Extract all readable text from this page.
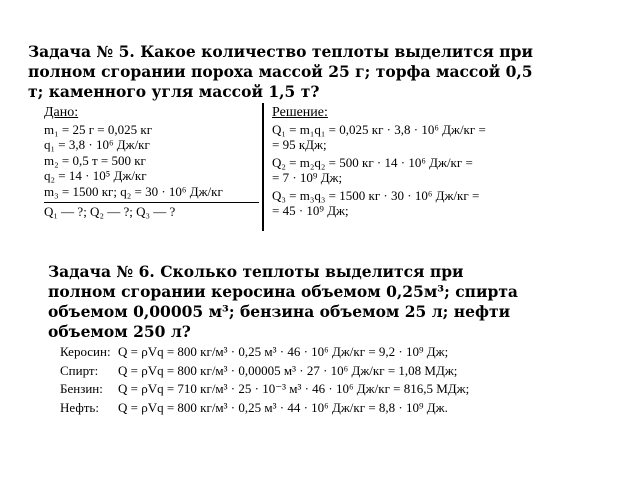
Задача № 5. Какое количество теплоты выделится при
полном сгорании пороха массой 25 г; торфа массой 0,5
т; каменного угля массой 1,5 т?
Дано:
m₁ = 25 г = 0,025 кг
q₁ = 3,8 · 10⁶ Дж/кг
m₂ = 0,5 т = 500 кг
q₂ = 14 · 10⁵ Дж/кг
m₃ = 1500 кг; q₂ = 30 · 10⁶ Дж/кг
Q₁ — ?; Q₂ — ?; Q₃ — ?
Решение:
Q₁ = m₁q₁ = 0,025 кг · 3,8 · 10⁶ Дж/кг =
= 95 кДж;
Q₂ = m₂q₂ = 500 кг · 14 · 10⁶ Дж/кг =
= 7 · 10⁹ Дж;
Q₃ = m₃q₃ = 1500 кг · 30 · 10⁶ Дж/кг =
= 45 · 10⁹ Дж;
Задача № 6. Сколько теплоты выделится при
полном сгорании керосина объемом 0,25м³; спирта
объемом 0,00005 м³; бензина объемом 25 л; нефти
объемом 250 л?
Керосин: Q = ρVq = 800 кг/м³ · 0,25 м³ · 46 · 10⁶ Дж/кг = 9,2 · 10⁹ Дж;
Спирт:	Q = ρVq = 800 кг/м³ · 0,00005 м³ · 27 · 10⁶ Дж/кг = 1,08 МДж;
Бензин:	Q = ρVq = 710 кг/м³ · 25 · 10⁻³ м³ · 46 · 10⁶ Дж/кг = 816,5 МДж;
Нефть:	Q = ρVq = 800 кг/м³ · 0,25 м³ · 44 · 10⁶ Дж/кг = 8,8 · 10⁹ Дж.
